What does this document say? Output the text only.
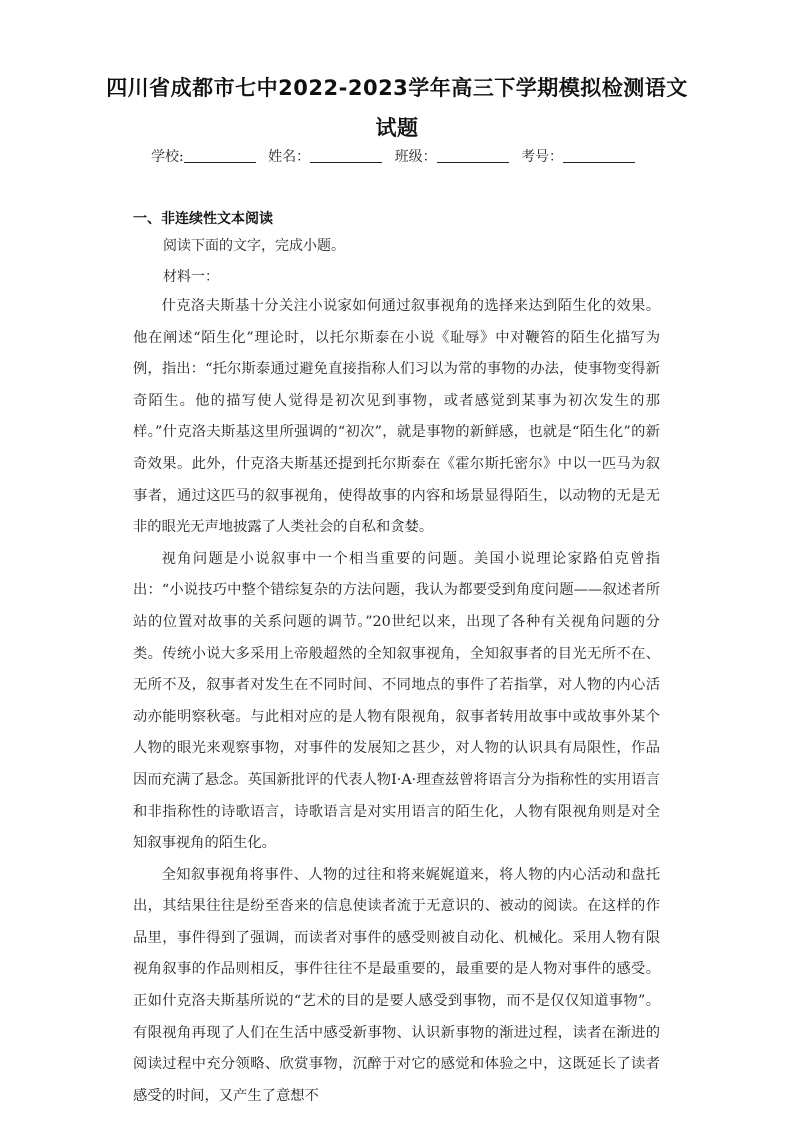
四川省成都市七中2022-2023学年高三下学期模拟检测语文
试题
学校:	姓名：	班级：	考号：
一、非连续性文本阅读
阅读下面的文字，完成小题。
材料一：

什克洛夫斯基十分关注小说家如何通过叙事视角的选择来达到陌生化的效果。他在阐述“陌生化”理论时，以托尔斯泰在小说《耻辱》中对鞭笞的陌生化描写为例，指出：“托尔斯泰通过避免直接指称人们习以为常的事物的办法，使事物变得新奇陌生。他的描写使人觉得是初次见到事物，或者感觉到某事为初次发生的那样。”什克洛夫斯基这里所强调的“初次”，就是事物的新鲜感，也就是“陌生化”的新奇效果。此外，什克洛夫斯基还提到托尔斯泰在《霍尔斯托密尔》中以一匹马为叙事者，通过这匹马的叙事视角，使得故事的内容和场景显得陌生，以动物的无是无非的眼光无声地披露了人类社会的自私和贪婪。

视角问题是小说叙事中一个相当重要的问题。美国小说理论家路伯克曾指出：“小说技巧中整个错综复杂的方法问题，我认为都要受到角度问题——叙述者所站的位置对故事的关系问题的调节。”20世纪以来，出现了各种有关视角问题的分类。传统小说大多采用上帝般超然的全知叙事视角，全知叙事者的目光无所不在、无所不及，叙事者对发生在不同时间、不同地点的事件了若指掌，对人物的内心活动亦能明察秋毫。与此相对应的是人物有限视角，叙事者转用故事中或故事外某个人物的眼光来观察事物，对事件的发展知之甚少，对人物的认识具有局限性，作品因而充满了悬念。英国新批评的代表人物I·A·理查兹曾将语言分为指称性的实用语言和非指称性的诗歌语言，诗歌语言是对实用语言的陌生化，人物有限视角则是对全知叙事视角的陌生化。

全知叙事视角将事件、人物的过往和将来娓娓道来，将人物的内心活动和盘托出，其结果往往是纷至沓来的信息使读者流于无意识的、被动的阅读。在这样的作品里，事件得到了强调，而读者对事件的感受则被自动化、机械化。采用人物有限视角叙事的作品则相反，事件往往不是最重要的，最重要的是人物对事件的感受。正如什克洛夫斯基所说的“艺术的目的是要人感受到事物，而不是仅仅知道事物”。有限视角再现了人们在生活中感受新事物、认识新事物的渐进过程，读者在渐进的阅读过程中充分领略、欣赏事物，沉醉于对它的感觉和体验之中，这既延长了读者感受的时间，又产生了意想不
